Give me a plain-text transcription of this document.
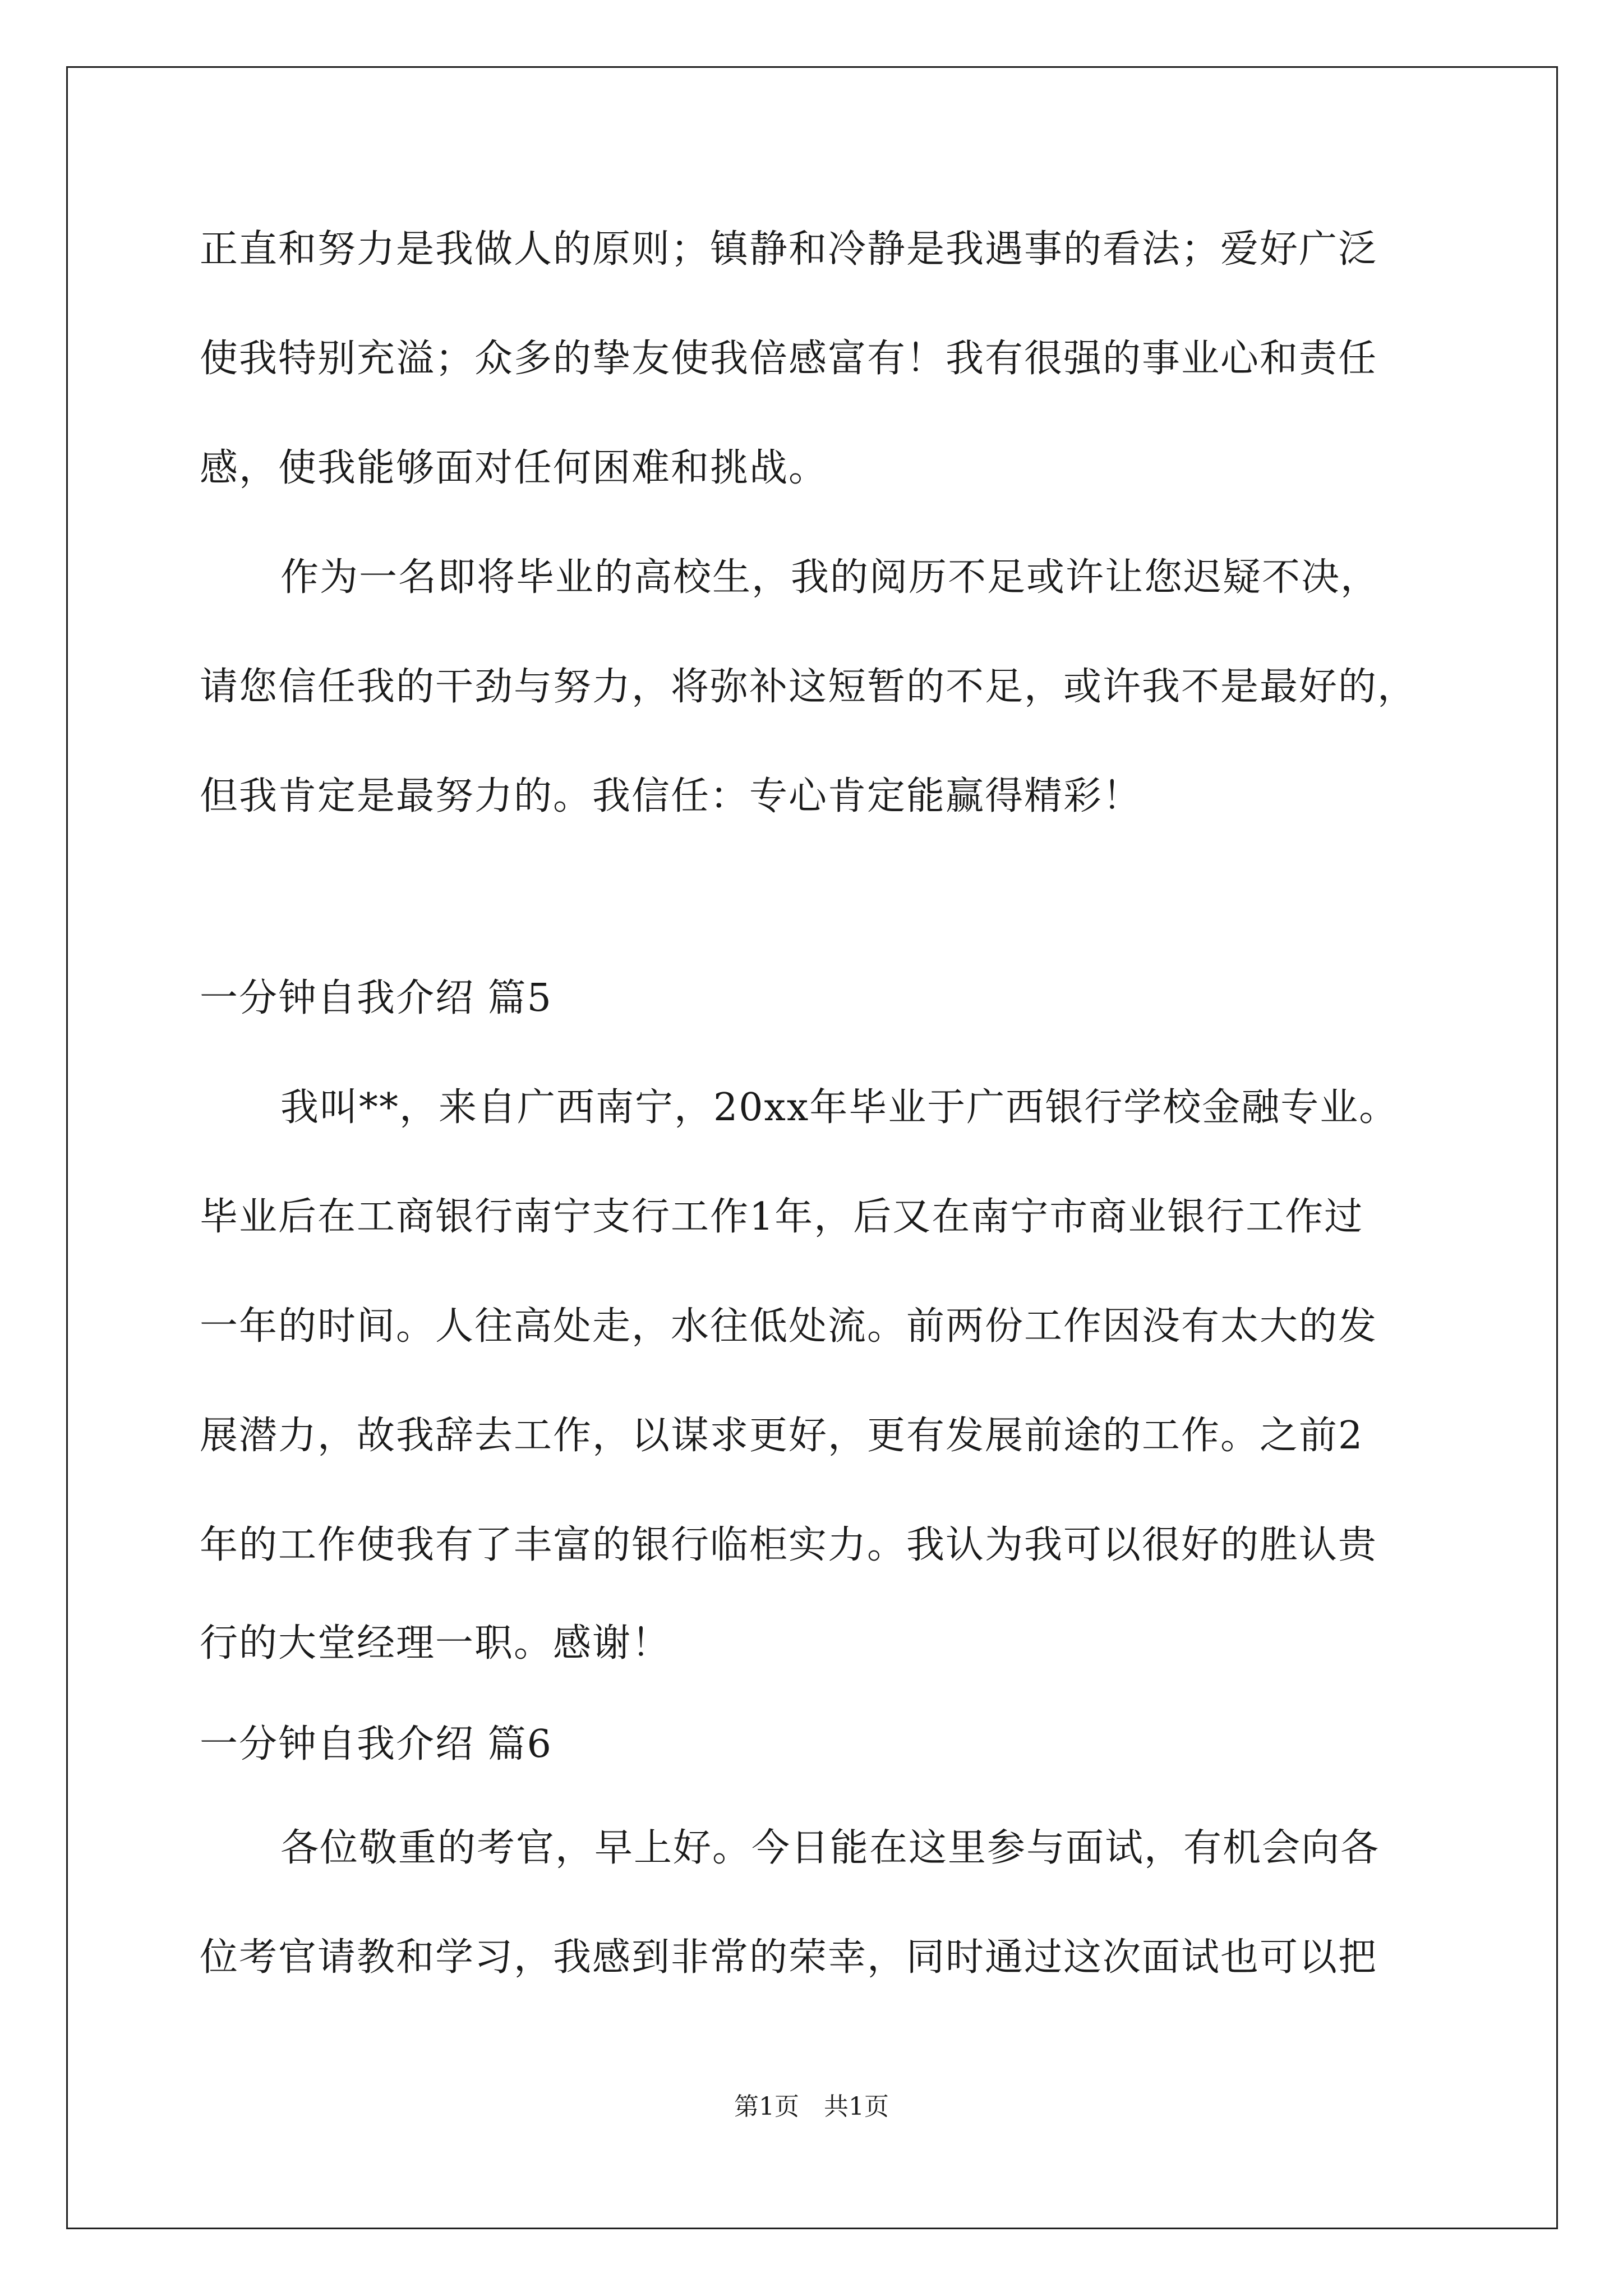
正直和努力是我做人的原则；镇静和冷静是我遇事的看法；爱好广泛
使我特别充溢；众多的挚友使我倍感富有！我有很强的事业心和责任
感，使我能够面对任何困难和挑战。
作为一名即将毕业的高校生，我的阅历不足或许让您迟疑不决，
请您信任我的干劲与努力，将弥补这短暂的不足，或许我不是最好的，
但我肯定是最努力的。我信任：专心肯定能赢得精彩！
一分钟自我介绍 篇5
我叫**，来自广西南宁，20xx年毕业于广西银行学校金融专业。
毕业后在工商银行南宁支行工作1年，后又在南宁市商业银行工作过
一年的时间。人往高处走，水往低处流。前两份工作因没有太大的发
展潜力，故我辞去工作，以谋求更好，更有发展前途的工作。之前2
年的工作使我有了丰富的银行临柜实力。我认为我可以很好的胜认贵
行的大堂经理一职。感谢！
一分钟自我介绍 篇6
各位敬重的考官，早上好。今日能在这里参与面试，有机会向各
位考官请教和学习，我感到非常的荣幸，同时通过这次面试也可以把
第1页　共1页
